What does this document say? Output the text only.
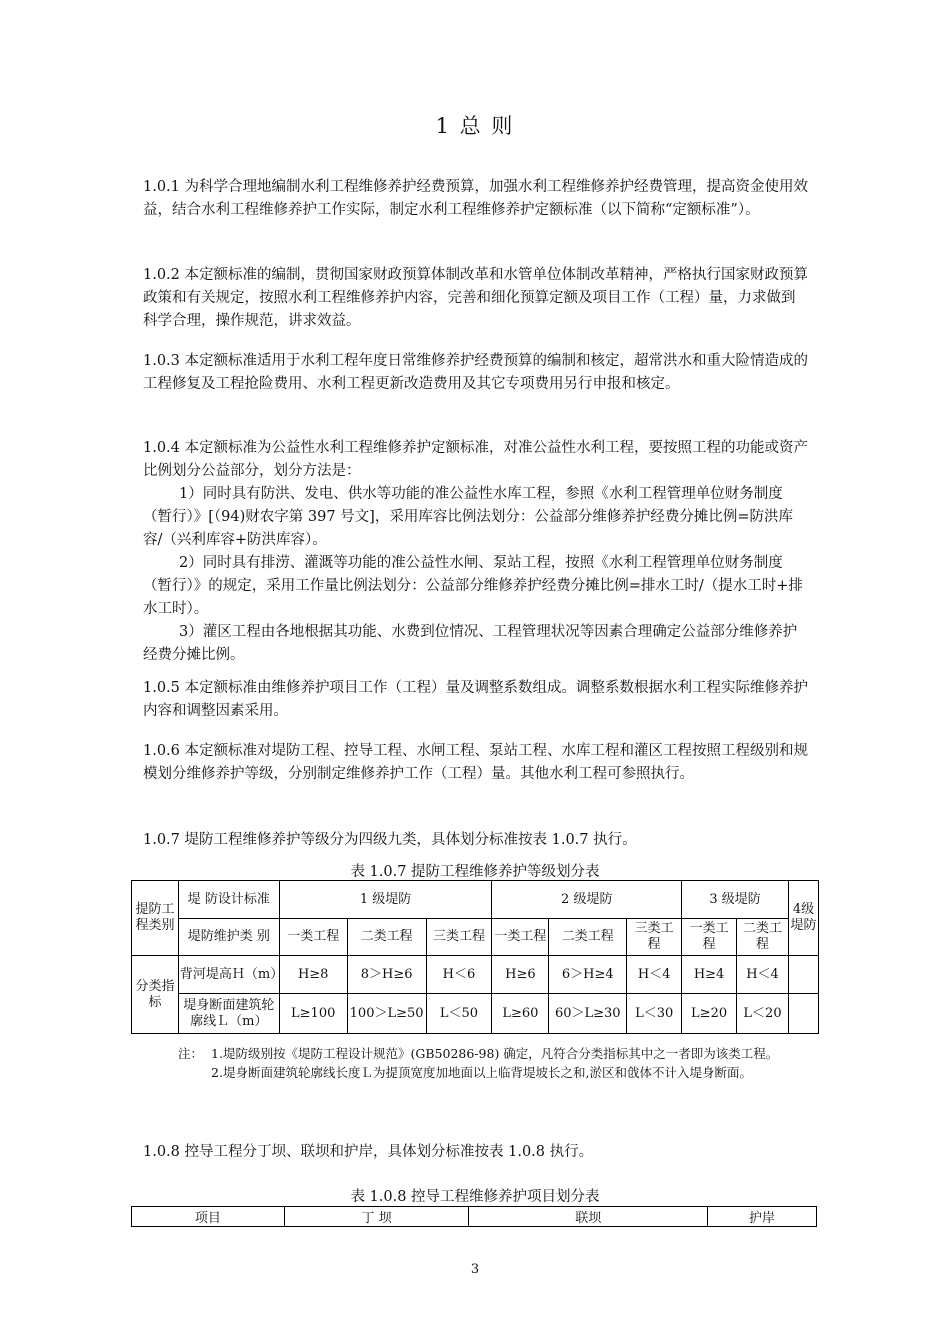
1 总 则

1.0.1 为科学合理地编制水利工程维修养护经费预算，加强水利工程维修养护经费管理，提高资金使用效益，结合水利工程维修养护工作实际，制定水利工程维修养护定额标准（以下简称“定额标准”）。

1.0.2 本定额标准的编制，贯彻国家财政预算体制改革和水管单位体制改革精神，严格执行国家财政预算政策和有关规定，按照水利工程维修养护内容，完善和细化预算定额及项目工作（工程）量，力求做到科学合理，操作规范，讲求效益。

1.0.3 本定额标准适用于水利工程年度日常维修养护经费预算的编制和核定，超常洪水和重大险情造成的工程修复及工程抢险费用、水利工程更新改造费用及其它专项费用另行申报和核定。

1.0.4 本定额标准为公益性水利工程维修养护定额标准，对准公益性水利工程，要按照工程的功能或资产比例划分公益部分，划分方法是：

1）同时具有防洪、发电、供水等功能的准公益性水库工程，参照《水利工程管理单位财务制度（暂行）》[（94)财农字第 397 号文]，采用库容比例法划分：公益部分维修养护经费分摊比例=防洪库容/（兴利库容+防洪库容）。

2）同时具有排涝、灌溉等功能的准公益性水闸、泵站工程，按照《水利工程管理单位财务制度（暂行）》的规定，采用工作量比例法划分：公益部分维修养护经费分摊比例=排水工时/（提水工时+排水工时）。

3）灌区工程由各地根据其功能、水费到位情况、工程管理状况等因素合理确定公益部分维修养护经费分摊比例。

1.0.5 本定额标准由维修养护项目工作（工程）量及调整系数组成。调整系数根据水利工程实际维修养护内容和调整因素采用。

1.0.6 本定额标准对堤防工程、控导工程、水闸工程、泵站工程、水库工程和灌区工程按照工程级别和规模划分维修养护等级，分别制定维修养护工作（工程）量。其他水利工程可参照执行。

1.0.7 堤防工程维修养护等级分为四级九类，具体划分标准按表 1.0.7 执行。

表 1.0.7 提防工程维修养护等级划分表
提防工程类别	堤 防设计标准	1 级堤防			2 级堤防			3 级堤防		4级堤防
	堤防维护类 别	一类工程	二类工程	三类工程	一类工程	二类工程	三类工程	一类工程	二类工程	
分类指标	背河堤高Ｈ（m）	H≥8	8＞H≥6	H＜6	H≥6	6＞H≥4	H＜4	H≥4	H＜4	
	堤身断面建筑轮廓线Ｌ（m）	L≥100	100＞L≥50	L＜50	L≥60	60＞L≥30	L＜30	L≥20	L＜20	
注： 1. 堤防级别按《堤防工程设计规范》(GB50286-98) 确定，凡符合分类指标其中之一者即为该类工程。
2. 堤身断面建筑轮廓线长度Ｌ为提顶宽度加地面以上临背堤坡长之和,淤区和戗体不计入堤身断面。

1.0.8 控导工程分丁坝、联坝和护岸，具体划分标准按表 1.0.8 执行。

表 1.0.8 控导工程维修养护项目划分表
项目	丁 坝	联坝	护岸
3
